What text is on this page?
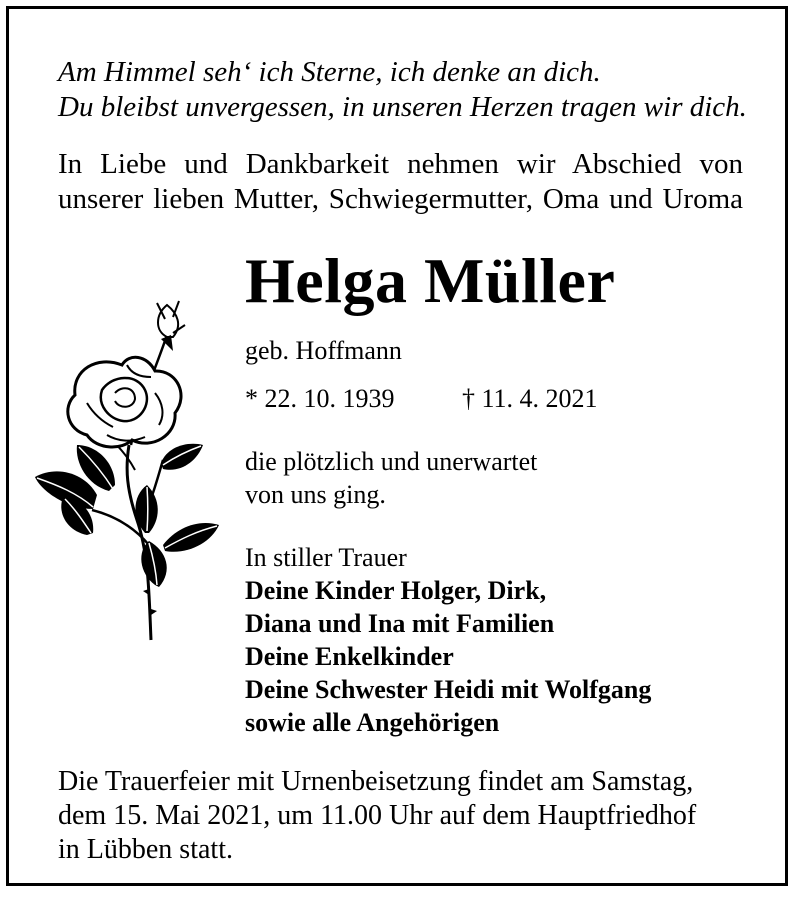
Am Himmel seh‘ ich Sterne, ich denke an dich.
Du bleibst unvergessen, in unseren Herzen tragen wir dich.
In Liebe und Dankbarkeit nehmen wir Abschied von
unserer lieben Mutter, Schwiegermutter, Oma und Uroma
Helga Müller
geb. Hoffmann
* 22. 10. 1939	† 11. 4. 2021
die plötzlich und unerwartet
von uns ging.
In stiller Trauer
Deine Kinder Holger, Dirk,
Diana und Ina mit Familien
Deine Enkelkinder
Deine Schwester Heidi mit Wolfgang
sowie alle Angehörigen
Die Trauerfeier mit Urnenbeisetzung findet am Samstag,
dem 15. Mai 2021, um 11.00 Uhr auf dem Hauptfriedhof
in Lübben statt.
